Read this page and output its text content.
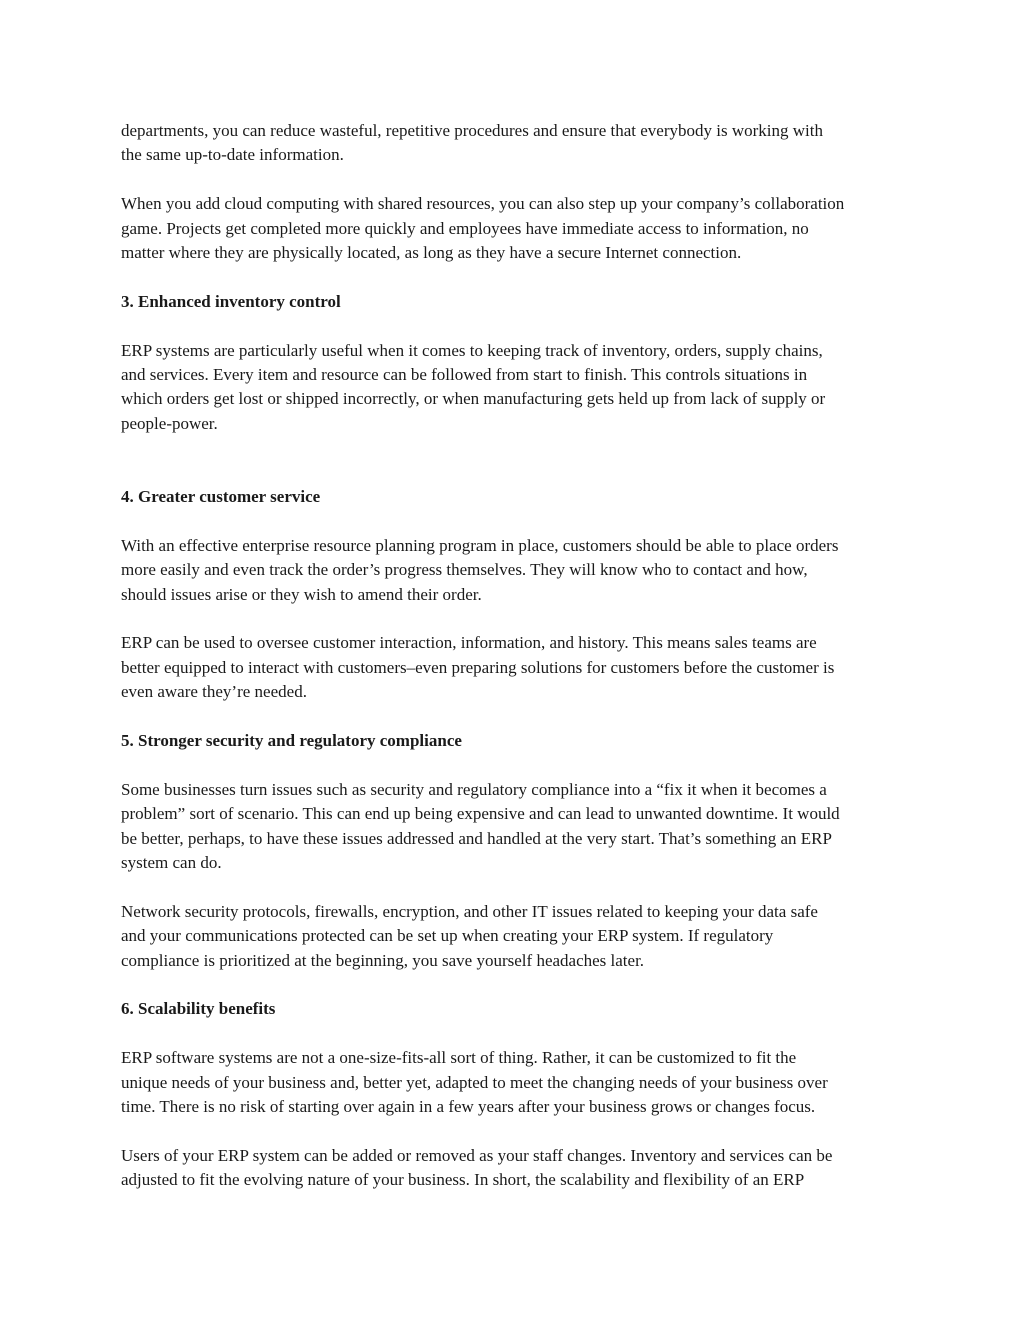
departments, you can reduce wasteful, repetitive procedures and ensure that everybody is working with
the same up-to-date information.

When you add cloud computing with shared resources, you can also step up your company’s collaboration
game. Projects get completed more quickly and employees have immediate access to information, no
matter where they are physically located, as long as they have a secure Internet connection.

3. Enhanced inventory control

ERP systems are particularly useful when it comes to keeping track of inventory, orders, supply chains,
and services. Every item and resource can be followed from start to finish. This controls situations in
which orders get lost or shipped incorrectly, or when manufacturing gets held up from lack of supply or
people-power.

4. Greater customer service

With an effective enterprise resource planning program in place, customers should be able to place orders
more easily and even track the order’s progress themselves. They will know who to contact and how,
should issues arise or they wish to amend their order.

ERP can be used to oversee customer interaction, information, and history. This means sales teams are
better equipped to interact with customers–even preparing solutions for customers before the customer is
even aware they’re needed.

5. Stronger security and regulatory compliance

Some businesses turn issues such as security and regulatory compliance into a “fix it when it becomes a
problem” sort of scenario. This can end up being expensive and can lead to unwanted downtime. It would
be better, perhaps, to have these issues addressed and handled at the very start. That’s something an ERP
system can do.

Network security protocols, firewalls, encryption, and other IT issues related to keeping your data safe
and your communications protected can be set up when creating your ERP system. If regulatory
compliance is prioritized at the beginning, you save yourself headaches later.

6. Scalability benefits

ERP software systems are not a one-size-fits-all sort of thing. Rather, it can be customized to fit the
unique needs of your business and, better yet, adapted to meet the changing needs of your business over
time. There is no risk of starting over again in a few years after your business grows or changes focus.

Users of your ERP system can be added or removed as your staff changes. Inventory and services can be
adjusted to fit the evolving nature of your business. In short, the scalability and flexibility of an ERP
